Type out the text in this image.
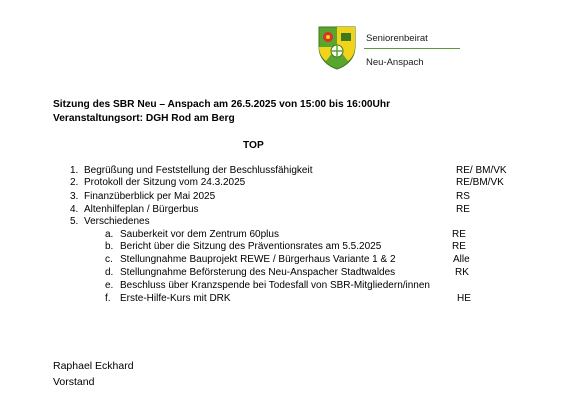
Seniorenbeirat
Neu-Anspach
Sitzung des SBR Neu – Anspach am 26.5.2025 von 15:00 bis 16:00Uhr
Veranstaltungsort: DGH Rod am Berg
TOP
1. Begrüßung und Feststellung der Beschlussfähigkeit	RE/ BM/VK
2. Protokoll der Sitzung vom 24.3.2025	RE/BM/VK
3. Finanzüberblick per Mai 2025	RS
4. Altenhilfeplan / Bürgerbus	RE
5. Verschiedenes
a. Sauberkeit vor dem Zentrum 60plus	RE
b. Bericht über die Sitzung des Präventionsrates am 5.5.2025	RE
c. Stellungnahme Bauprojekt REWE / Bürgerhaus Variante 1 & 2	Alle
d. Stellungnahme Beförsterung des Neu-Anspacher Stadtwaldes	RK
e. Beschluss über Kranzspende bei Todesfall von SBR-Mitgliedern/innen
f. Erste-Hilfe-Kurs mit DRK	HE
Raphael Eckhard
Vorstand
